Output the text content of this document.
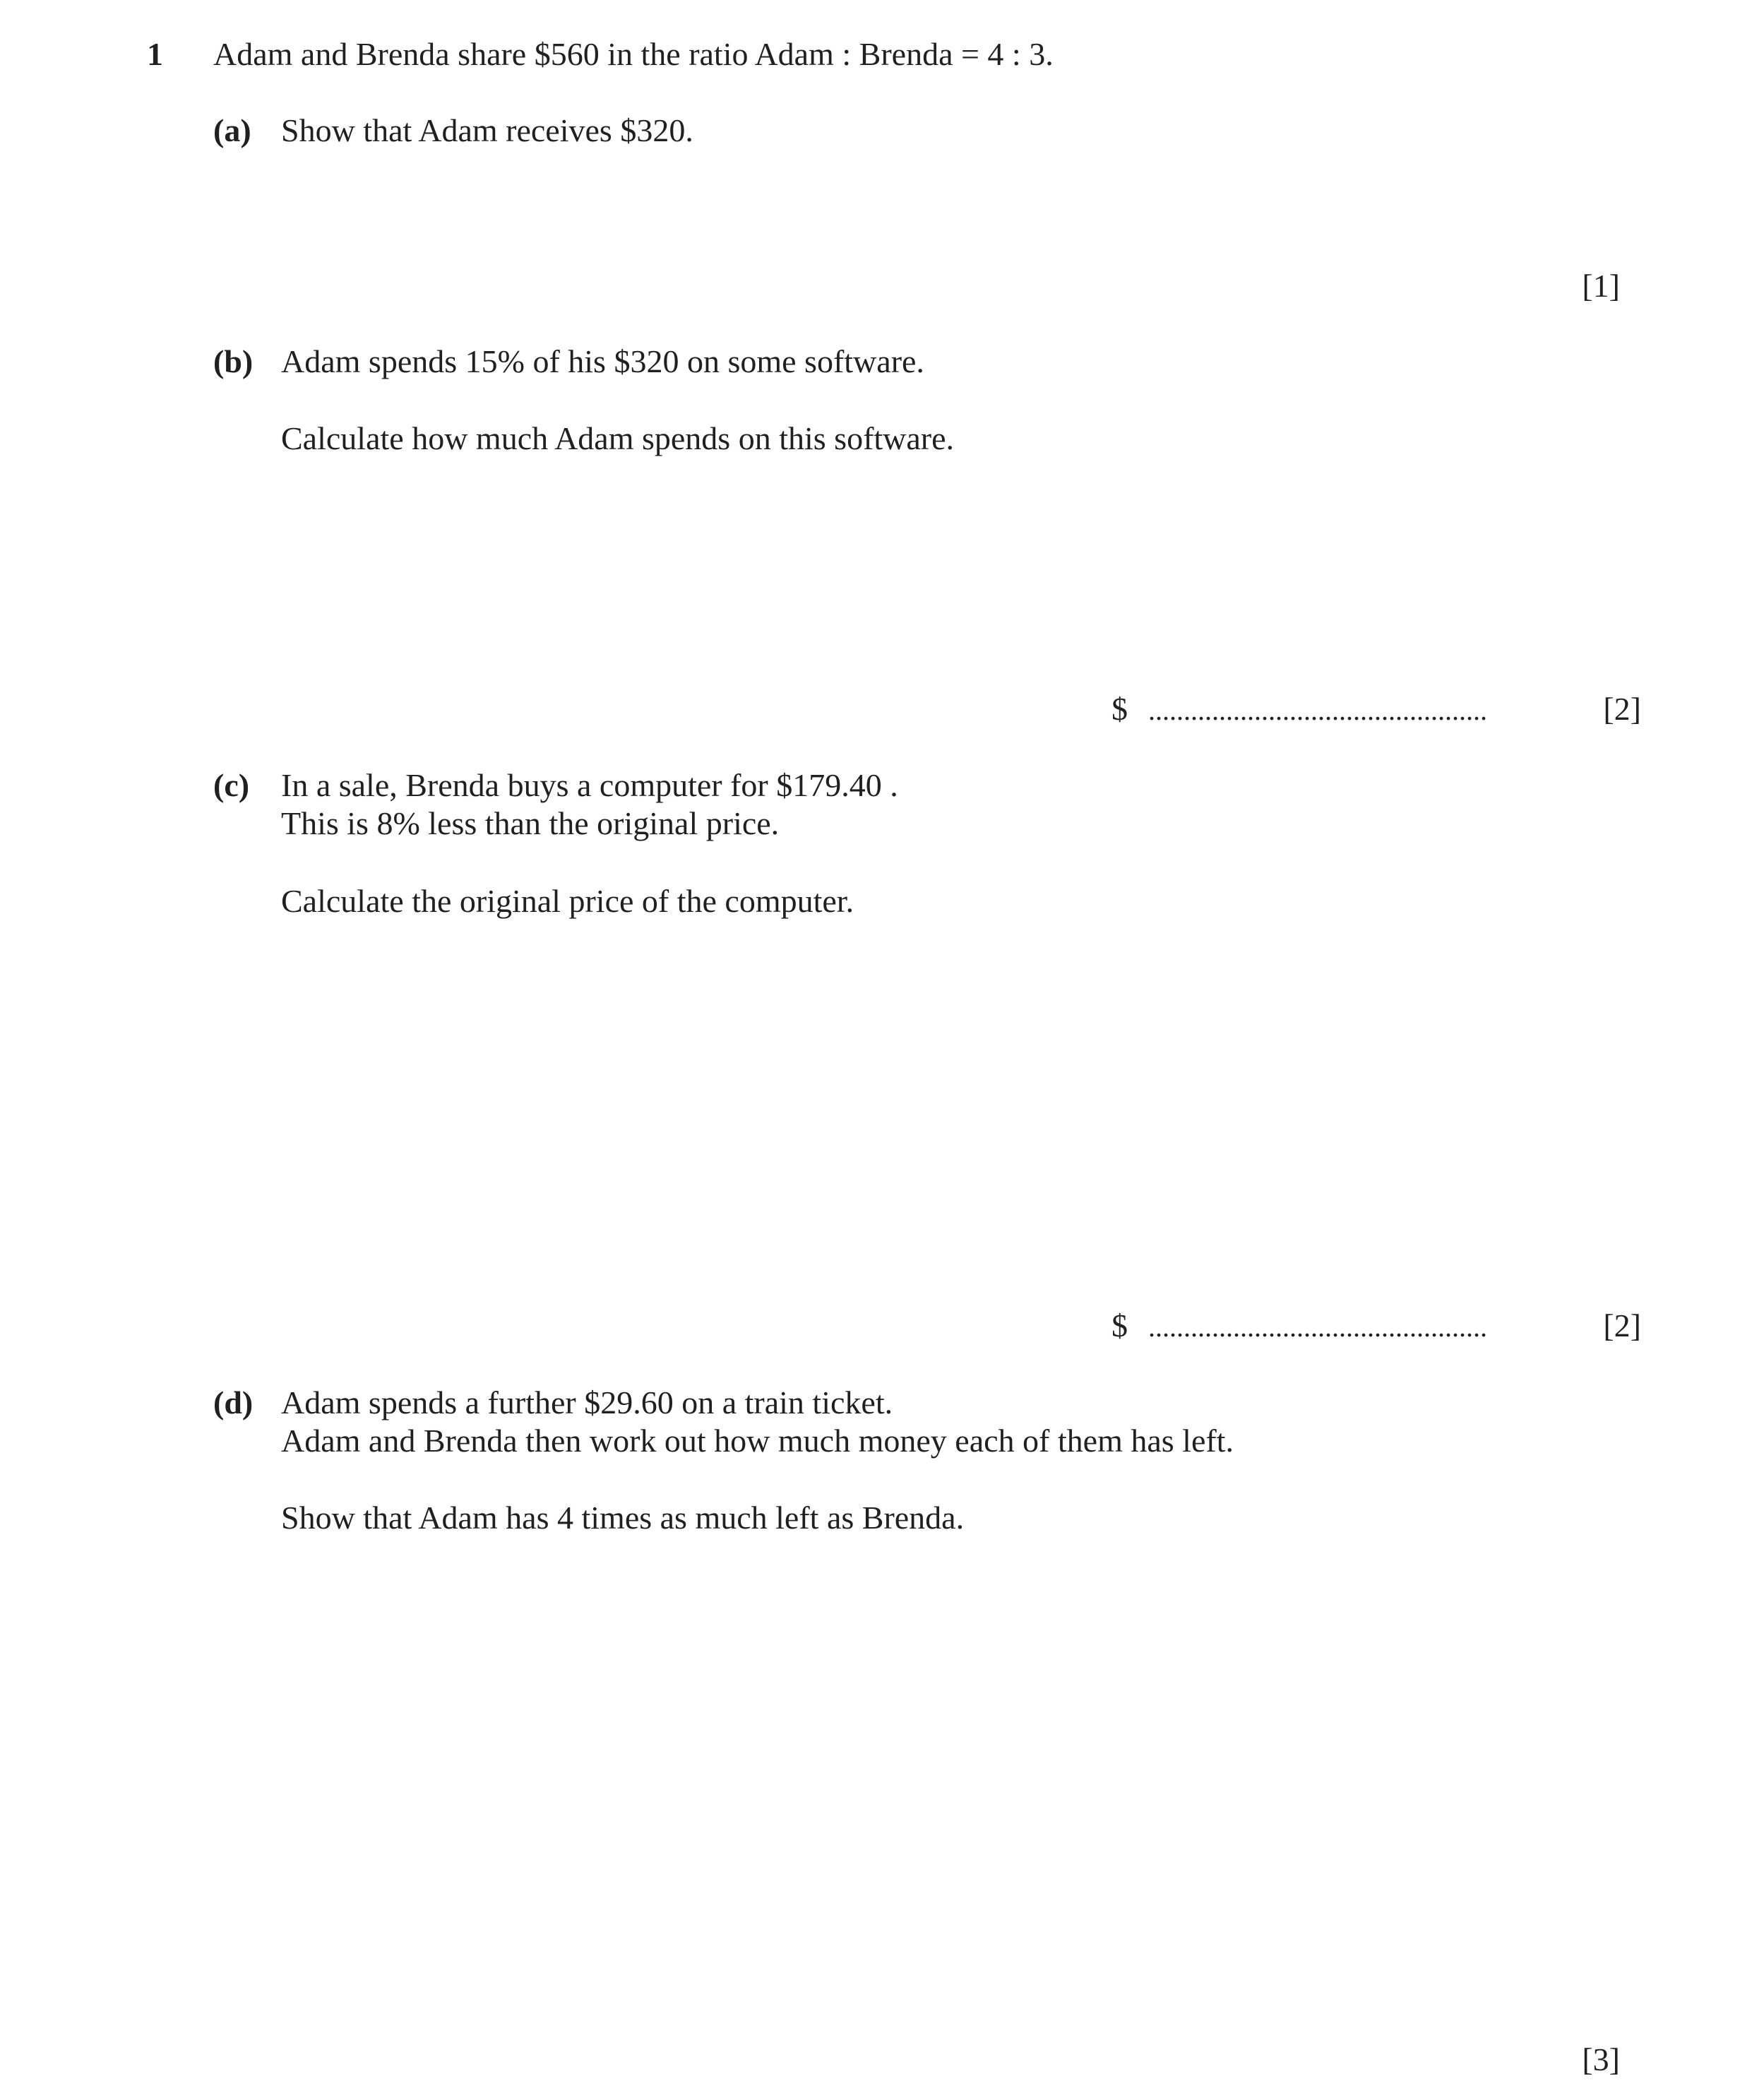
1 Adam and Brenda share $560 in the ratio Adam : Brenda = 4 : 3.
(a) Show that Adam receives $320.
[1]
(b) Adam spends 15% of his $320 on some software.
Calculate how much Adam spends on this software.
$ ................................................	[2]
(c) In a sale, Brenda buys a computer for $179.40 .
This is 8% less than the original price.
Calculate the original price of the computer.
$ ................................................	[2]
(d) Adam spends a further $29.60 on a train ticket.
Adam and Brenda then work out how much money each of them has left.
Show that Adam has 4 times as much left as Brenda.
[3]
